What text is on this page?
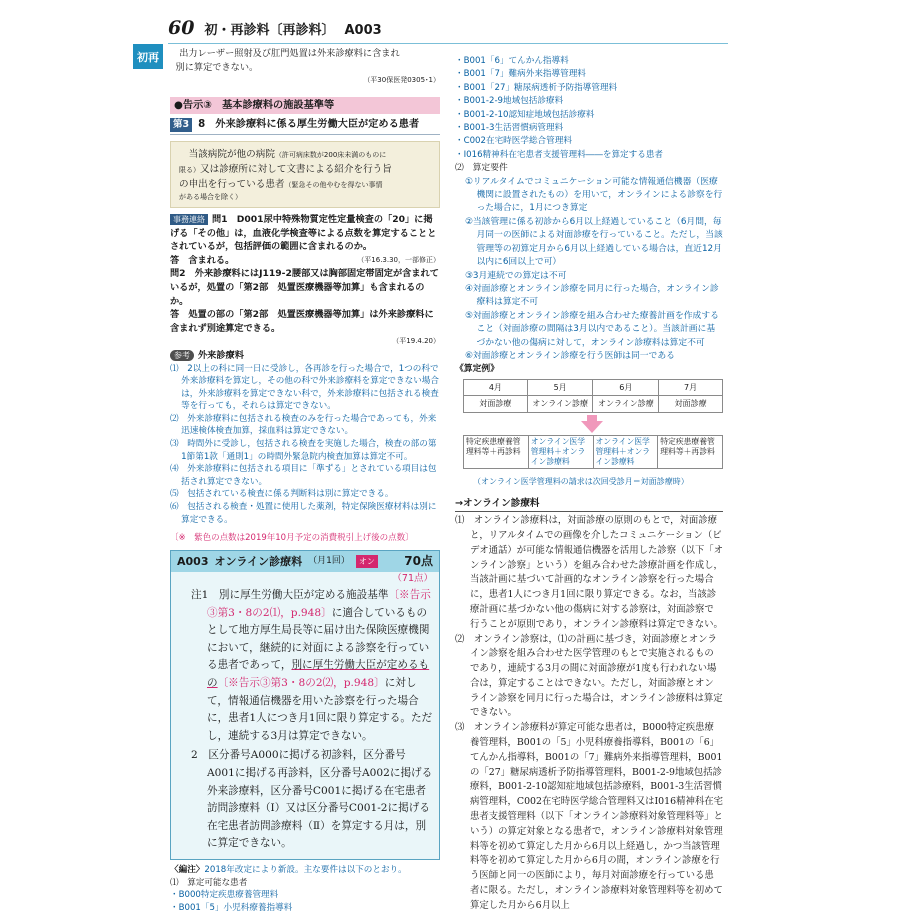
60 初・再診料〔再診料〕 A003
初再	出力レーザー照射及び肛門処置は外来診療料に含まれ

別に算定できない。

（平30保医発0305･1）

●告示③　基本診療料の施設基準等
第3 8　外来診療料に係る厚生労働大臣が定める患者

当該病院が他の病院（許可病床数が200床未満のものに

限る）又は診療所に対して文書による紹介を行う旨

の申出を行っている患者（緊急その他やむを得ない事情

がある場合を除く）

事務連絡 問1　D001尿中特殊物質定性定量検査の「20」に掲げる「その他」は，血液化学検査等による点数を算定することとされているが，包括評価の範囲に含まれるのか。

答　含まれる。	（平16.3.30，一部修正）

問2　外来診療料にはJ119-2腰部又は胸部固定帯固定が含まれているが，処置の「第2部　処置医療機器等加算」も含まれるのか。

答　処置の部の「第2部　処置医療機器等加算」は外来診療料に含まれず別途算定できる。

（平19.4.20）

参考 外来診療料

⑴　2以上の科に同一日に受診し，各再診を行った場合で，1つの科で外来診療料を算定し，その他の科で外来診療料を算定できない場合は，外来診療料を算定できない科で，外来診療料に包括される検査等を行っても，それらは算定できない。

⑵　外来診療料に包括される検査のみを行った場合であっても，外来迅速検体検査加算，採血料は算定できない。

⑶　時間外に受診し，包括される検査を実施した場合，検査の部の第1節第1款「通則1」の時間外緊急院内検査加算は算定不可。

⑷　外来診療料に包括される項目に「準ずる」とされている項目は包括され算定できない。

⑸　包括されている検査に係る判断料は別に算定できる。

⑹　包括される検査・処置に使用した薬剤，特定保険医療材料は別に算定できる。

〔※　紫色の点数は2019年10月予定の消費税引上げ後の点数〕

A003 オンライン診療料 （月1回）	オン 70点
（71点）

注1　別に厚生労働大臣が定める施設基準〔※告示③第3・8の2⑴，p.948〕に適合しているものとして地方厚生局長等に届け出た保険医療機関において，継続的に対面による診察を行っている患者であって，別に厚生労働大臣が定めるもの〔※告示③第3・8の2⑵，p.948〕に対して，情報通信機器を用いた診察を行った場合に，患者1人につき月1回に限り算定する。ただし，連続する3月は算定できない。

2　区分番号A000に掲げる初診料，区分番号A001に掲げる再診料，区分番号A002に掲げる外来診療料，区分番号C001に掲げる在宅患者訪問診療料（Ⅰ）又は区分番号C001-2に掲げる在宅患者訪問診療料（Ⅱ）を算定する月は，別に算定できない。

〈編注〉2018年改定により新設。主な要件は以下のとおり。

⑴　算定可能な患者

・B000特定疾患療養管理料

・B001「5」小児科療養指導料

・B001「6」てんかん指導料

・B001「7」難病外来指導管理料

・B001「27」糖尿病透析予防指導管理料

・B001-2-9地域包括診療料

・B001-2-10認知症地域包括診療料

・B001-3生活習慣病管理料

・C002在宅時医学総合管理料

・I016精神科在宅患者支援管理料――を算定する患者

⑵　算定要件

①リアルタイムでコミュニケーション可能な情報通信機器（医療機関に設置されたもの）を用いて，オンラインによる診察を行った場合に，1月につき算定

②当該管理に係る初診から6月以上経過していること（6月間，毎月同一の医師による対面診療を行っていること。ただし，当該管理等の初算定月から6月以上経過している場合は，直近12月以内に6回以上で可）

③3月連続での算定は不可

④対面診療とオンライン診療を同月に行った場合，オンライン診療料は算定不可

⑤対面診療とオンライン診療を組み合わせた療養計画を作成すること（対面診療の間隔は3月以内であること）。当該計画に基づかない他の傷病に対して，オンライン診療料は算定不可

⑥対面診療とオンライン診療を行う医師は同一である

《算定例》

4月	5月	6月	7月
対面診療	オンライン診療	オンライン診療	対面診療
特定疾患療養管理料等＋再診料	オンライン医学管理料＋オンライン診療料	オンライン医学管理料＋オンライン診療料	特定疾患療養管理料等＋再診料

（オンライン医学管理料の請求は次回受診月＝対面診療時）

→オンライン診療料

⑴　オンライン診療料は，対面診療の原則のもとで，対面診療と，リアルタイムでの画像を介したコミュニケーション（ビデオ通話）が可能な情報通信機器を活用した診察（以下「オンライン診察」という）を組み合わせた診療計画を作成し，当該計画に基づいて計画的なオンライン診察を行った場合に，患者1人につき月1回に限り算定できる。なお，当該診療計画に基づかない他の傷病に対する診察は，対面診察で行うことが原則であり，オンライン診療料は算定できない。

⑵　オンライン診察は，⑴の計画に基づき，対面診療とオンライン診察を組み合わせた医学管理のもとで実施されるものであり，連続する3月の間に対面診療が1度も行われない場合は，算定することはできない。ただし，対面診療とオンライン診察を同月に行った場合は，オンライン診療料は算定できない。

⑶　オンライン診療料が算定可能な患者は，B000特定疾患療養管理料，B001の「5」小児科療養指導料，B001の「6」てんかん指導料，B001の「7」難病外来指導管理料，B001の「27」糖尿病透析予防指導管理料，B001-2-9地域包括診療料，B001-2-10認知症地域包括診療料，B001-3生活習慣病管理料，C002在宅時医学総合管理料又はI016精神科在宅患者支援管理料（以下「オンライン診療料対象管理料等」という）の算定対象となる患者で，オンライン診療料対象管理料等を初めて算定した月から6月以上経過し，かつ当該管理料等を初めて算定した月から6月の間，オンライン診療を行う医師と同一の医師により，毎月対面診療を行っている患者に限る。ただし，オンライン診療料対象管理料等を初めて算定した月から6月以上
